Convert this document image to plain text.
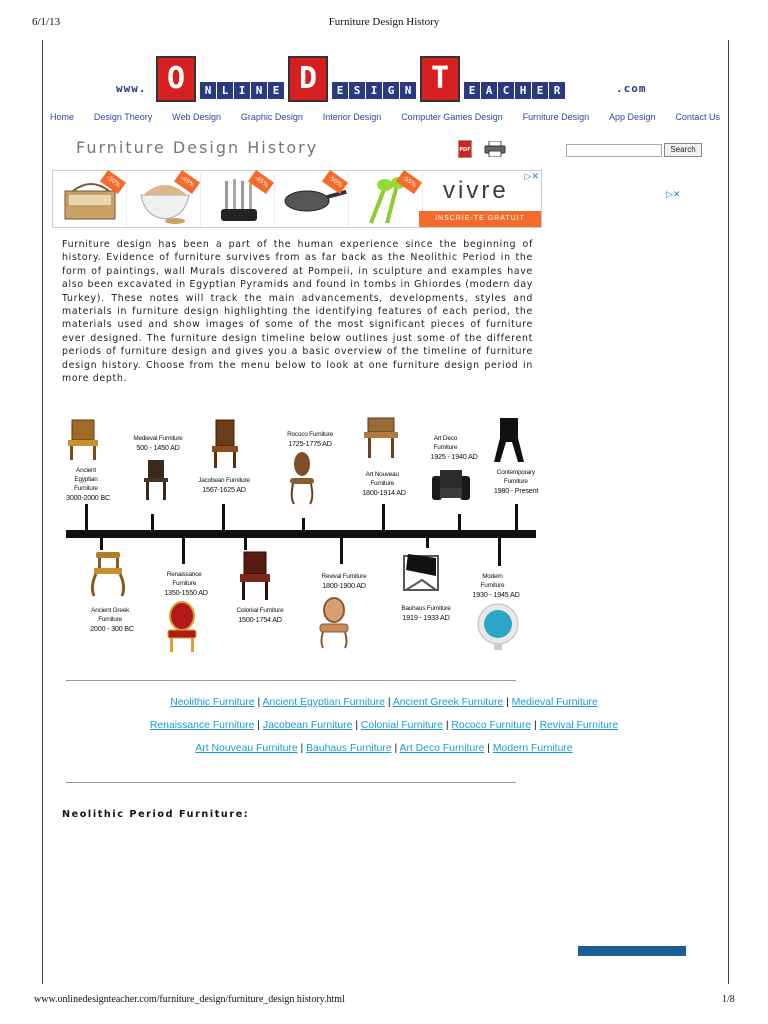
6/1/13	Furniture Design History
www. O	N L I N E D	E S I G N T	E A C H E R	.com
Home Design Theory Web Design Graphic Design Interior Design Computer Games Design Furniture Design App Design Contact Us
Furniture Design History	PDF	Search
-30%	-45%	-45%	-50%	-55% vivre
INSCRIE-TE GRATUIT
▷✕
▷✕

Furniture design has been a part of the human experience since the beginning of history. Evidence of furniture survives from as far back as the Neolithic Period in the form of paintings, wall Murals discovered at Pompeii, in sculpture and examples have also been excavated in Egyptian Pyramids and found in tombs in Ghiordes (modern day Turkey). These notes will track the main advancements, developments, styles and materials in furniture design highlighting the identifying features of each period, the materials used and show images of some of the most significant pieces of furniture ever designed. The furniture design timeline below outlines just some of the different periods of furniture design and gives you a basic overview of the timeline of furniture design history. Choose from the menu below to look at one furniture design period in more depth.

Ancient Egyptian Furniture
3000-2000 BC
Medieval Furniture
500 - 1450 AD
Jacobean Furniture
1567-1625 AD
Rococo Furniture
1725-1775 AD
Art Nouveau Furniture
1800-1914 AD
Art Deco Furniture
1925 - 1940 AD
Contemporary Furniture
1980 - Present
Ancient Greek Furniture
2000 - 300 BC
Renaissance Furniture
1350-1550 AD
Colonial Furniture
1500-1754 AD
Revival Furniture
1800-1900 AD
Bauhaus Furniture
1919 - 1933 AD
Modern Furniture
1930 - 1945 AD
Neolithic Furniture | Ancient Egyptian Furniture | Ancient Greek Furniture | Medieval Furniture
Renaissance Furniture | Jacobean Furniture | Colonial Furniture | Rococo Furniture | Revival Furniture
Art Nouveau Furniture | Bauhaus Furniture | Art Deco Furniture | Modern Furniture
Neolithic Period Furniture:
www.onlinedesignteacher.com/furniture_design/furniture_design history.html	1/8
